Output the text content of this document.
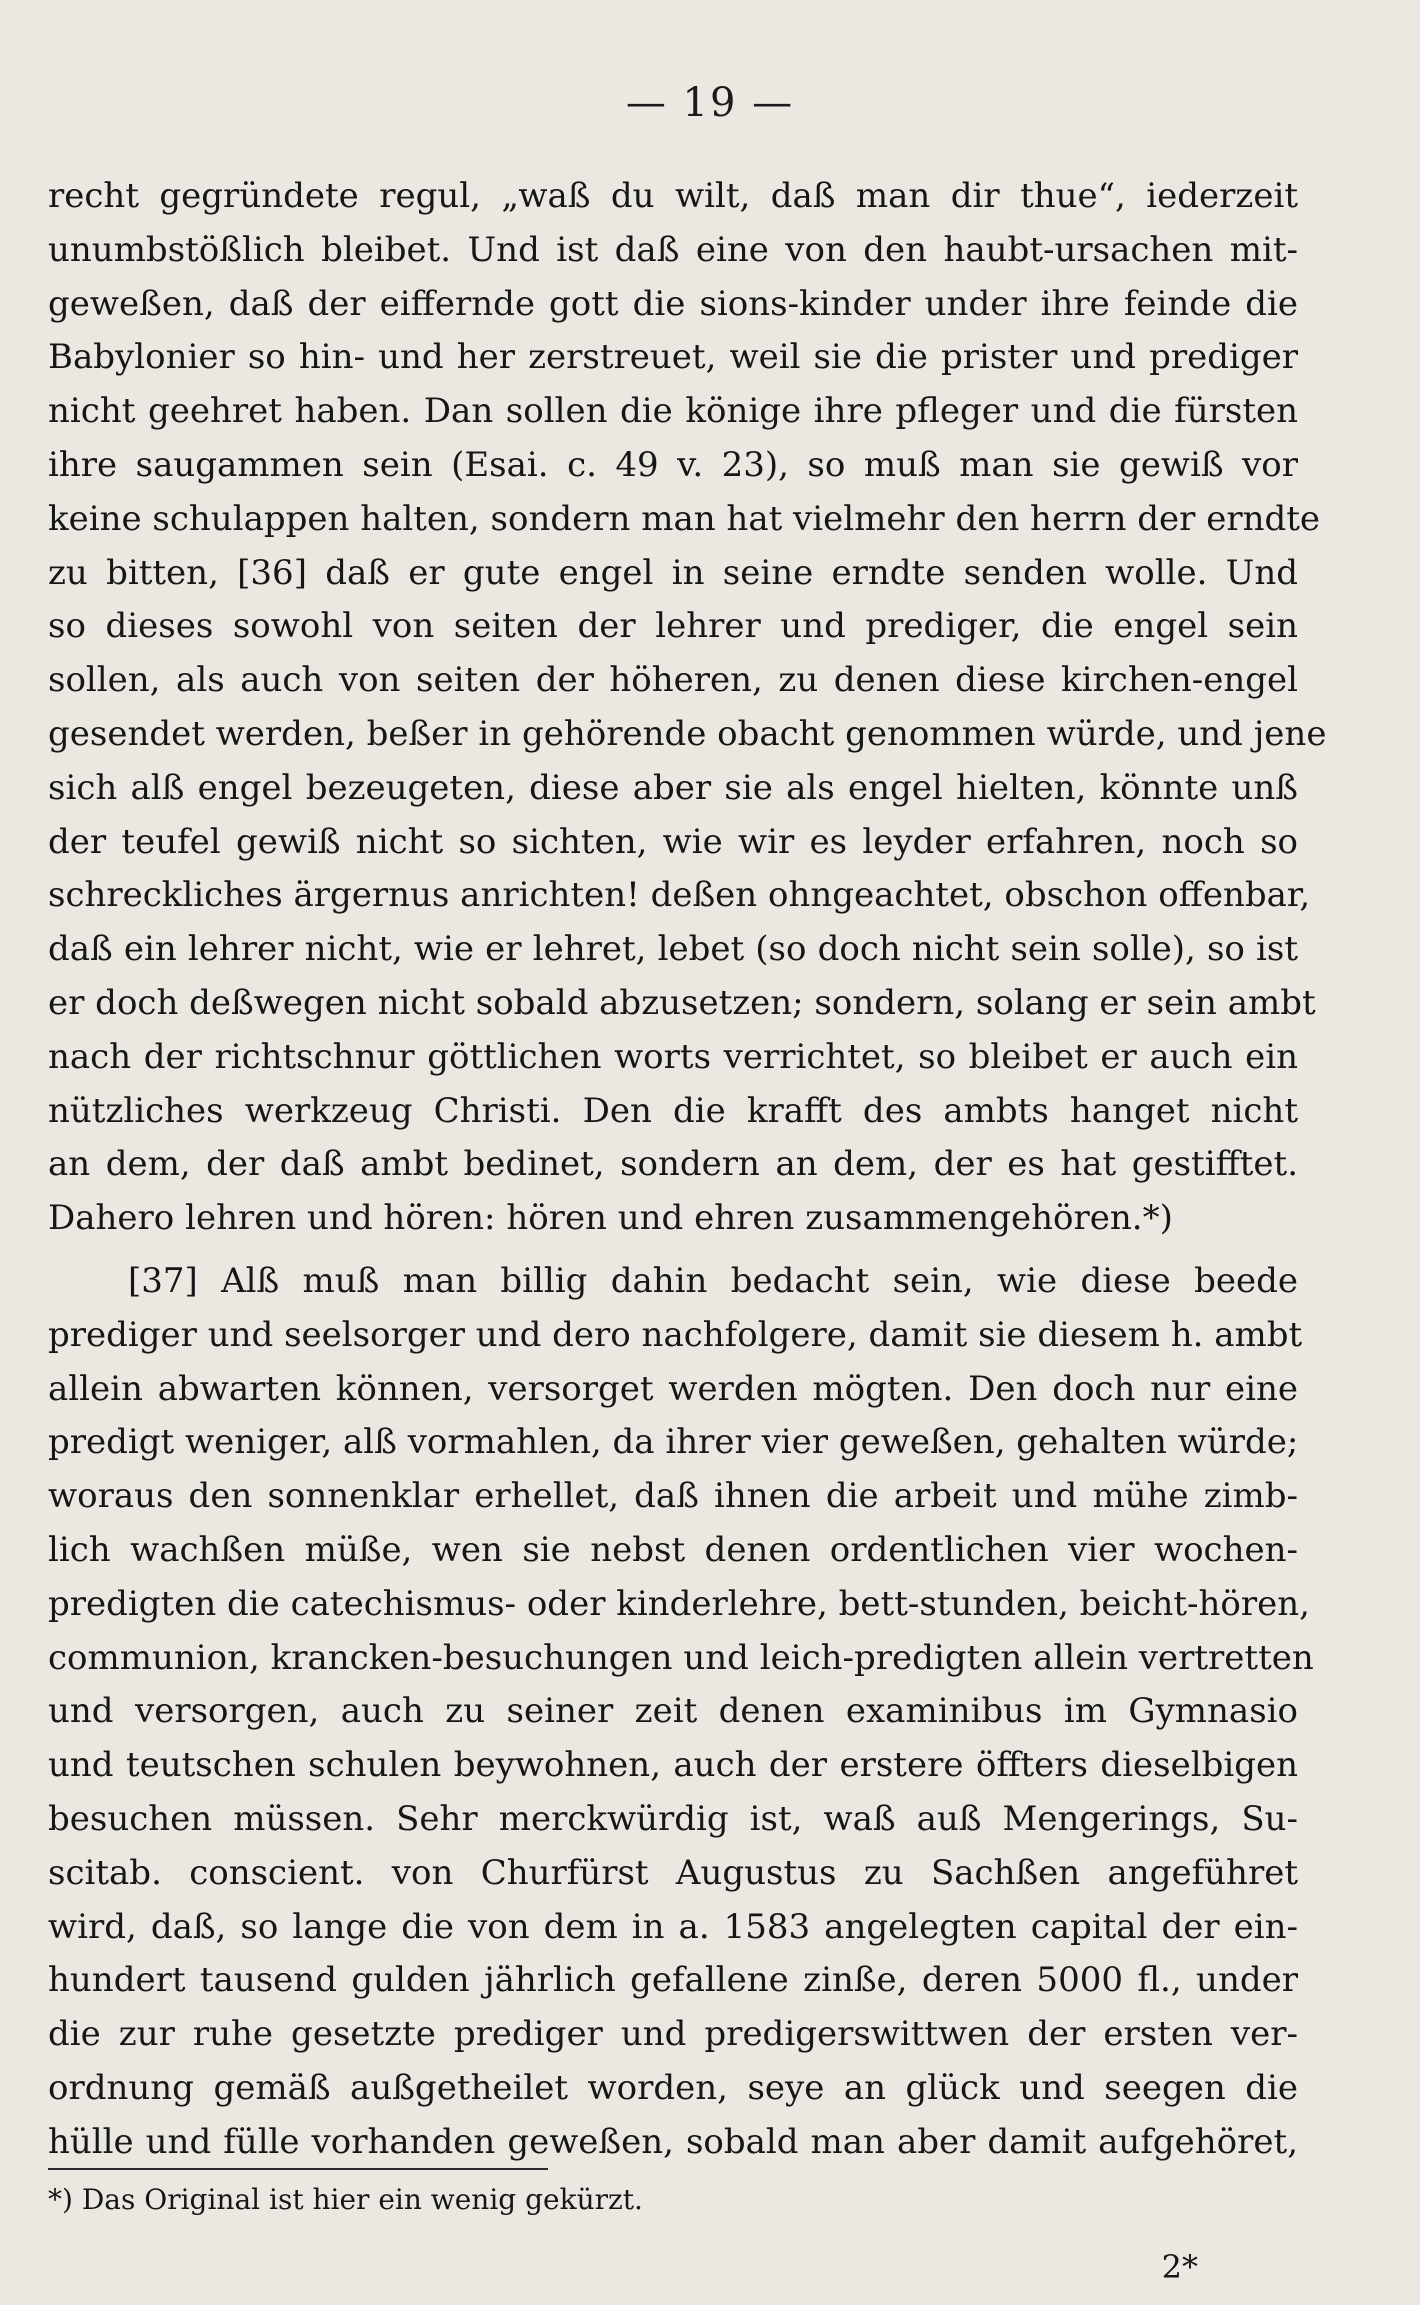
— 19 —
recht gegründete regul, „waß du wilt, daß man dir thue“, iederzeit
unumbstößlich bleibet. Und ist daß eine von den haubt-ursachen mit-
geweßen, daß der eiffernde gott die sions-kinder under ihre feinde die
Babylonier so hin- und her zerstreuet, weil sie die prister und prediger
nicht geehret haben. Dan sollen die könige ihre pfleger und die fürsten
ihre saugammen sein (Esai. c. 49 v. 23), so muß man sie gewiß vor
keine schulappen halten, sondern man hat vielmehr den herrn der erndte
zu bitten, [36] daß er gute engel in seine erndte senden wolle. Und
so dieses sowohl von seiten der lehrer und prediger, die engel sein
sollen, als auch von seiten der höheren, zu denen diese kirchen-engel
gesendet werden, beßer in gehörende obacht genommen würde, und jene
sich alß engel bezeugeten, diese aber sie als engel hielten, könnte unß
der teufel gewiß nicht so sichten, wie wir es leyder erfahren, noch so
schreckliches ärgernus anrichten! deßen ohngeachtet, obschon offenbar,
daß ein lehrer nicht, wie er lehret, lebet (so doch nicht sein solle), so ist
er doch deßwegen nicht sobald abzusetzen; sondern, solang er sein ambt
nach der richtschnur göttlichen worts verrichtet, so bleibet er auch ein
nützliches werkzeug Christi. Den die krafft des ambts hanget nicht
an dem, der daß ambt bedinet, sondern an dem, der es hat gestifftet.
Dahero lehren und hören: hören und ehren zusammengehören.*)
[37] Alß muß man billig dahin bedacht sein, wie diese beede
prediger und seelsorger und dero nachfolgere, damit sie diesem h. ambt
allein abwarten können, versorget werden mögten. Den doch nur eine
predigt weniger, alß vormahlen, da ihrer vier geweßen, gehalten würde;
woraus den sonnenklar erhellet, daß ihnen die arbeit und mühe zimb-
lich wachßen müße, wen sie nebst denen ordentlichen vier wochen-
predigten die catechismus- oder kinderlehre, bett-stunden, beicht-hören,
communion, krancken-besuchungen und leich-predigten allein vertretten
und versorgen, auch zu seiner zeit denen examinibus im Gymnasio
und teutschen schulen beywohnen, auch der erstere öffters dieselbigen
besuchen müssen. Sehr merckwürdig ist, waß auß Mengerings, Su-
scitab. conscient. von Churfürst Augustus zu Sachßen angeführet
wird, daß, so lange die von dem in a. 1583 angelegten capital der ein-
hundert tausend gulden jährlich gefallene zinße, deren 5000 fl., under
die zur ruhe gesetzte prediger und predigerswittwen der ersten ver-
ordnung gemäß außgetheilet worden, seye an glück und seegen die
hülle und fülle vorhanden geweßen, sobald man aber damit aufgehöret,
*) Das Original ist hier ein wenig gekürzt.
2*
